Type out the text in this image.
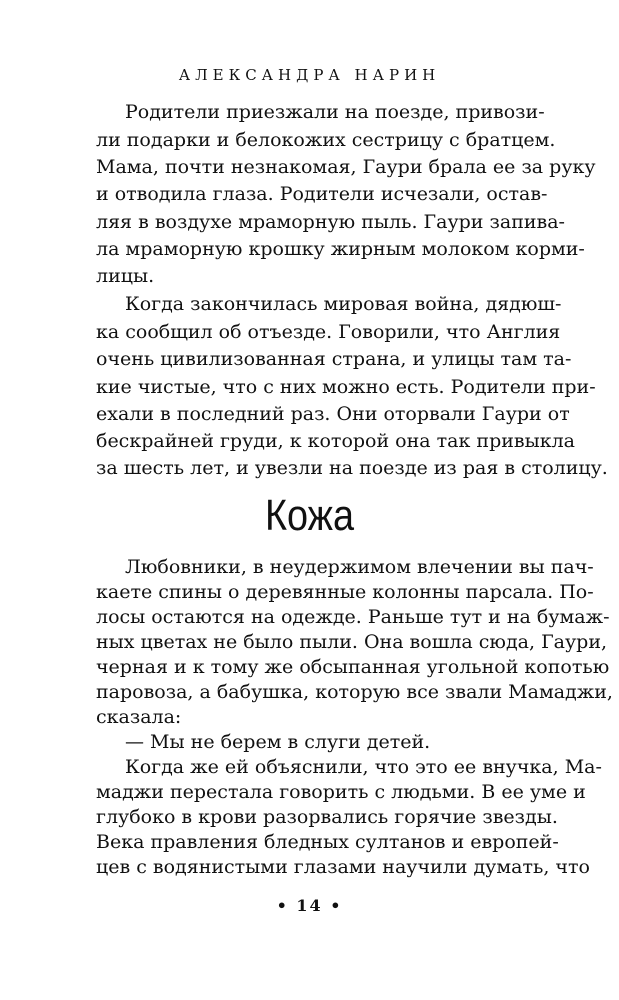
АЛЕКСАНДРА НАРИН
Родители приезжали на поезде, привози-
ли подарки и белокожих сестрицу с братцем.
Мама, почти незнакомая, Гаури брала ее за руку
и отводила глаза. Родители исчезали, остав-
ляя в воздухе мраморную пыль. Гаури запива-
ла мраморную крошку жирным молоком корми-
лицы.
Когда закончилась мировая война, дядюш-
ка сообщил об отъезде. Говорили, что Англия
очень цивилизованная страна, и улицы там та-
кие чистые, что с них можно есть. Родители при-
ехали в последний раз. Они оторвали Гаури от
бескрайней груди, к которой она так привыкла
Кожа
Любовники, в неудержимом влечении вы пач-
каете спины о деревянные колонны парсала. По-
лосы остаются на одежде. Раньше тут и на бумаж-
ных цветах не было пыли. Она вошла сюда, Гаури,
черная и к тому же обсыпанная угольной копотью
паровоза, а бабушка, которую все звали Мамаджи,
сказала:
— Мы не берем в слуги детей.
Когда же ей объяснили, что это ее внучка, Ма-
маджи перестала говорить с людьми. В ее уме и
глубоко в крови разорвались горячие звезды.
Века правления бледных султанов и европей-
цев с водянистыми глазами научили думать, что
• 14 •
за шесть лет, и увезли на поезде из рая в столицу.
